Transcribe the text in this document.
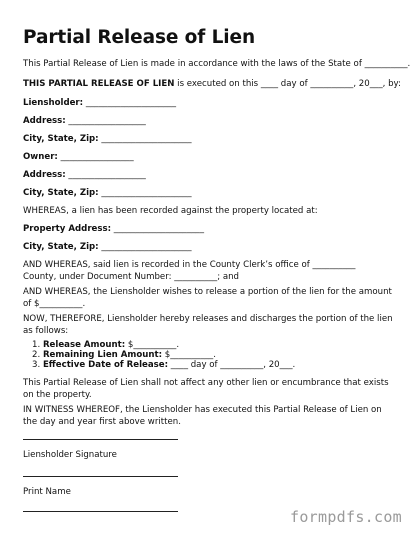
Partial Release of Lien
This Partial Release of Lien is made in accordance with the laws of the State of __________.
THIS PARTIAL RELEASE OF LIEN is executed on this ____ day of __________, 20___, by:
Liensholder: _____________________
Address: __________________
City, State, Zip: _____________________
Owner: _________________
Address: __________________
City, State, Zip: _____________________
WHEREAS, a lien has been recorded against the property located at:
Property Address: _____________________
City, State, Zip: _____________________
AND WHEREAS, said lien is recorded in the County Clerk’s office of __________ County, under Document Number: __________; and
AND WHEREAS, the Liensholder wishes to release a portion of the lien for the amount of $__________.
NOW, THEREFORE, Liensholder hereby releases and discharges the portion of the lien as follows:
1. Release Amount: $__________.
2. Remaining Lien Amount: $__________.
3. Effective Date of Release: ____ day of __________, 20___.
This Partial Release of Lien shall not affect any other lien or encumbrance that exists on the property.
IN WITNESS WHEREOF, the Liensholder has executed this Partial Release of Lien on the day and year first above written.
Liensholder Signature
Print Name
formpdfs.com
